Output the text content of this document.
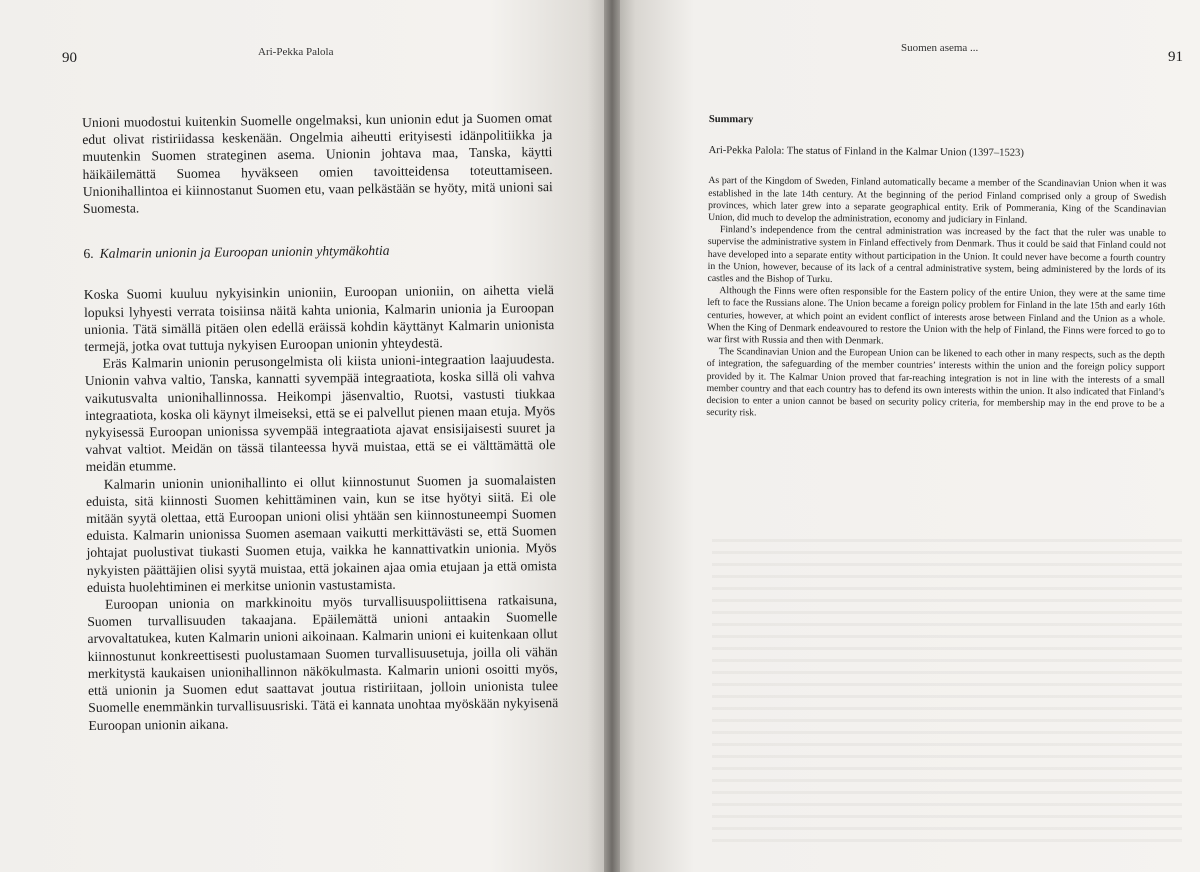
90	Ari-Pekka Palola

Unioni muodostui kuitenkin Suomelle ongelmaksi, kun unionin edut ja Suomen omat edut olivat ristiriidassa keskenään. Ongelmia aiheutti erityisesti idänpolitiikka ja muutenkin Suomen strateginen asema. Unionin johtava maa, Tanska, käytti häikäilemättä Suomea hyväkseen omien tavoitteidensa toteuttamiseen. Unionihallintoa ei kiinnostanut Suomen etu, vaan pelkästään se hyöty, mitä unioni sai Suomesta.

6. Kalmarin unionin ja Euroopan unionin yhtymäkohtia

Koska Suomi kuuluu nykyisinkin unioniin, Euroopan unioniin, on aihetta vielä lopuksi lyhyesti verrata toisiinsa näitä kahta unionia, Kalmarin unionia ja Euroopan unionia. Tätä simällä pitäen olen edellä eräissä kohdin käyttänyt Kalmarin unionista termejä, jotka ovat tuttuja nykyisen Euroopan unionin yhteydestä.

Eräs Kalmarin unionin perusongelmista oli kiista unioni-integraation laajuudesta. Unionin vahva valtio, Tanska, kannatti syvempää integraatiota, koska sillä oli vahva vaikutusvalta unionihallinnossa. Heikompi jäsenvaltio, Ruotsi, vastusti tiukkaa integraatiota, koska oli käynyt ilmeiseksi, että se ei palvellut pienen maan etuja. Myös nykyisessä Euroopan unionissa syvempää integraatiota ajavat ensisijaisesti suuret ja vahvat valtiot. Meidän on tässä tilanteessa hyvä muistaa, että se ei välttämättä ole meidän etumme.

Kalmarin unionin unionihallinto ei ollut kiinnostunut Suomen ja suomalaisten eduista, sitä kiinnosti Suomen kehittäminen vain, kun se itse hyötyi siitä. Ei ole mitään syytä olettaa, että Euroopan unioni olisi yhtään sen kiinnostuneempi Suomen eduista. Kalmarin unionissa Suomen asemaan vaikutti merkittävästi se, että Suomen johtajat puolustivat tiukasti Suomen etuja, vaikka he kannattivatkin unionia. Myös nykyisten päättäjien olisi syytä muistaa, että jokainen ajaa omia etujaan ja että omista eduista huolehtiminen ei merkitse unionin vastustamista.

Euroopan unionia on markkinoitu myös turvallisuuspoliittisena ratkaisuna, Suomen turvallisuuden takaajana. Epäilemättä unioni antaakin Suomelle arvovaltatukea, kuten Kalmarin unioni aikoinaan. Kalmarin unioni ei kuitenkaan ollut kiinnostunut konkreettisesti puolustamaan Suomen turvallisuusetuja, joilla oli vähän merkitystä kaukaisen unionihallinnon näkökulmasta. Kalmarin unioni osoitti myös, että unionin ja Suomen edut saattavat joutua ristiriitaan, jolloin unionista tulee Suomelle enemmänkin turvallisuusriski. Tätä ei kannata unohtaa myöskään nykyisenä Euroopan unionin aikana.

Suomen asema ...
91
Summary
Ari-Pekka Palola: The status of Finland in the Kalmar Union (1397–1523)

As part of the Kingdom of Sweden, Finland automatically became a member of the Scandinavian Union when it was established in the late 14th century. At the beginning of the period Finland comprised only a group of Swedish provinces, which later grew into a separate geographical entity. Erik of Pommerania, King of the Scandinavian Union, did much to develop the administration, economy and judiciary in Finland.

Finland’s independence from the central administration was increased by the fact that the ruler was unable to supervise the administrative system in Finland effectively from Denmark. Thus it could be said that Finland could not have developed into a separate entity without participation in the Union. It could never have become a fourth country in the Union, however, because of its lack of a central administrative system, being administered by the lords of its castles and the Bishop of Turku.

Although the Finns were often responsible for the Eastern policy of the entire Union, they were at the same time left to face the Russians alone. The Union became a foreign policy problem for Finland in the late 15th and early 16th centuries, however, at which point an evident conflict of interests arose between Finland and the Union as a whole. When the King of Denmark endeavoured to restore the Union with the help of Finland, the Finns were forced to go to war first with Russia and then with Denmark.

The Scandinavian Union and the European Union can be likened to each other in many respects, such as the depth of integration, the safeguarding of the member countries’ interests within the union and the foreign policy support provided by it. The Kalmar Union proved that far-reaching integration is not in line with the interests of a small member country and that each country has to defend its own interests within the union. It also indicated that Finland’s decision to enter a union cannot be based on security policy criteria, for membership may in the end prove to be a security risk.
